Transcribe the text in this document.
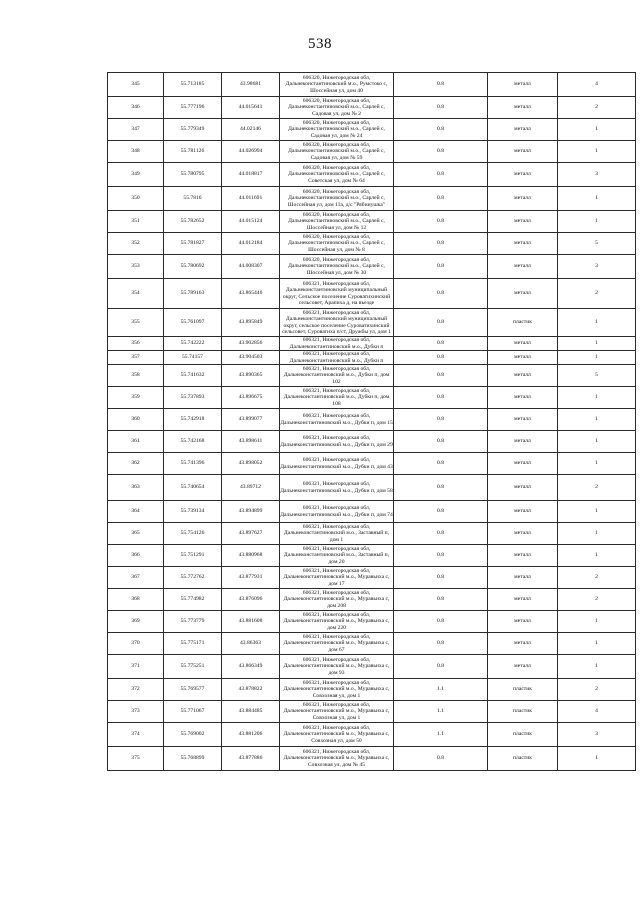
538
345	55.713185	43.98681	606320, Нижегородская обл, Дальнеконстантиновский м.о., Румстоко с, Шоссейная ул, дом 40	0.8	металл	4
346	55.777196	44.015641	606320, Нижегородская обл, Дальнеконстантиновский м.о., Сарлей с, Садовая ул, дом № 2	0.8	металл	2
347	55.779349	44.02146	606320, Нижегородская обл, Дальнеконстантиновский м.о., Сарлей с, Садовая ул, дом № 24	0.8	металл	1
348	55.781126	44.026994	606320, Нижегородская обл, Дальнеконстантиновский м.о., Сарлей с, Садовая ул, дом № 59	0.8	металл	1
349	55.780795	44.018817	606320, Нижегородская обл, Дальнеконстантиновский м.о., Сарлей с, Советская ул, дом № 64	0.8	металл	3
350	55.7816	44.011691	606320, Нижегородская обл, Дальнеконстантиновский м.о., Сарлей с, Шоссейная ул, дом 11а, д/с "Рябинушка"	0.8	металл	1
351	55.782652	44.015124	606320, Нижегородская обл, Дальнеконстантиновский м.о., Сарлей с, Шоссейная ул, дом № 12	0.8	металл	1
352	55.781827	44.012184	606320, Нижегородская обл, Дальнеконстантиновский м.о., Сарлей с, Шоссейная ул, дом № 8	0.8	металл	5
353	55.780692	44.008307	606320, Нижегородская обл, Дальнеконстантиновский м.о., Сарлей с, Шоссейная ул, дом № 30	0.8	металл	3
354	55.789163	43.865446	606321, Нижегородская обл, Дальнеконстантиновский муниципальный округ, Сельское поселение Суроватихинский сельсовет, Арапиха д, на въезде	0.8	металл	2
355	55.761097	43.895849	606321, Нижегородская обл, Дальнеконстантиновский муниципальный округ, сельское поселение Суроватихинский сельсовет, Суроватиха п/ст, Дружбы ул, дом 1	0.8	пластик	1
356	55.742222	43.902856	606321, Нижегородская обл, Дальнеконстантиновский м.о., Дубки п	0.8	металл	1
357	55.74157	43.904503	606321, Нижегородская обл, Дальнеконстантиновский м.о., Дубки п	0.8	металл	1
358	55.741632	43.890365	606321, Нижегородская обл, Дальнеконстантиновский м.о., Дубки п, дом 102	0.8	металл	5
359	55.737893	43.896675	606321, Нижегородская обл, Дальнеконстантиновский м.о., Дубки п, дом 108	0.8	металл	1
360	55.742918	43.899077	606321, Нижегородская обл, Дальнеконстантиновский м.о., Дубки п, дом 15	0.8	металл	1
361	55.742168	43.898611	606321, Нижегородская обл, Дальнеконстантиновский м.о., Дубки п, дом 29	0.8	металл	1
362	55.741396	43.898052	606321, Нижегородская обл, Дальнеконстантиновский м.о., Дубки п, дом 43	0.8	металл	1
363	55.740654	43.89712	606321, Нижегородская обл, Дальнеконстантиновский м.о., Дубки п, дом 58	0.8	металл	2
364	55.739134	43.894899	606321, Нижегородская обл, Дальнеконстантиновский м.о., Дубки п, дом 74	0.8	металл	1
365	55.754126	43.897627	606321, Нижегородская обл, Дальнеконстантиновский м.о., Заставный п, дом 1	0.8	металл	1
366	55.751291	43.880968	606321, Нижегородская обл, Дальнеконстантиновский м.о., Заставный п, дом 20	0.8	металл	1
367	55.772762	43.877931	606321, Нижегородская обл, Дальнеконстантиновский м.о., Муравьиха с, дом 17	0.8	металл	2
368	55.774982	43.876096	606321, Нижегородская обл, Дальнеконстантиновский м.о., Муравьиха с, дом 208	0.8	металл	2
369	55.773779	43.881608	606321, Нижегородская обл, Дальнеконстантиновский м.о., Муравьиха с, дом 220	0.8	металл	1
370	55.775171	43.86363	606321, Нижегородская обл, Дальнеконстантиновский м.о., Муравьиха с, дом 67	0.8	металл	1
371	55.775251	43.866349	606321, Нижегородская обл, Дальнеконстантиновский м.о., Муравьиха с, дом 93	0.8	металл	1
372	55.769577	43.878822	606321, Нижегородская обл, Дальнеконстантиновский м.о., Муравьиха с, Совхозная ул, дом 1	1.1	пластик	2
373	55.771067	43.884485	606321, Нижегородская обл, Дальнеконстантиновский м.о., Муравьиха с, Совхозная ул, дом 1	1.1	пластик	4
374	55.769002	43.881206	606321, Нижегородская обл, Дальнеконстантиновский м.о., Муравьиха с, Совхозная ул, дом 50	1.1	пластик	3
375	55.768899	43.877886	606321, Нижегородская обл, Дальнеконстантиновский м.о., Муравьиха с, Совхозная ул, дом № 45	0.8	пластик	1
